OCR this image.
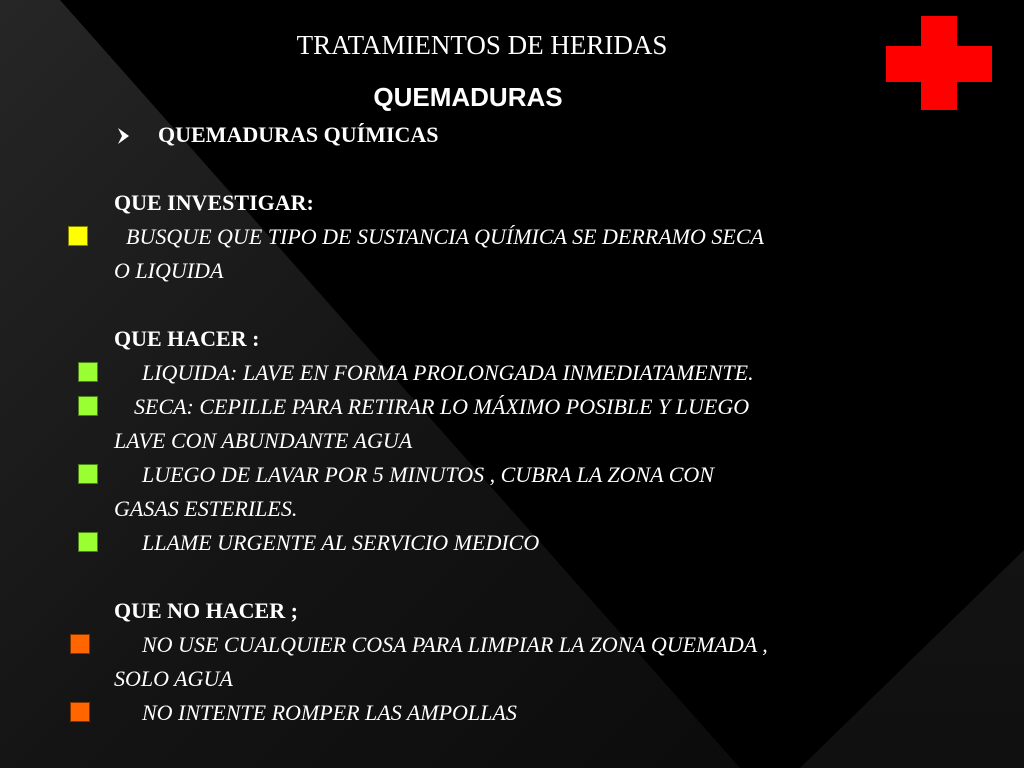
TRATAMIENTOS DE HERIDAS
QUEMADURAS
QUEMADURAS QUÍMICAS
QUE INVESTIGAR:
BUSQUE QUE TIPO DE SUSTANCIA QUÍMICA SE DERRAMO SECA
O LIQUIDA
QUE HACER :
LIQUIDA: LAVE EN FORMA PROLONGADA INMEDIATAMENTE.
SECA: CEPILLE PARA RETIRAR LO MÁXIMO POSIBLE Y LUEGO
LAVE CON ABUNDANTE AGUA
LUEGO DE LAVAR POR 5 MINUTOS , CUBRA LA ZONA CON
GASAS ESTERILES.
LLAME URGENTE AL SERVICIO MEDICO
QUE NO HACER ;
NO USE CUALQUIER COSA PARA LIMPIAR LA ZONA QUEMADA ,
SOLO AGUA
NO INTENTE ROMPER LAS AMPOLLAS
